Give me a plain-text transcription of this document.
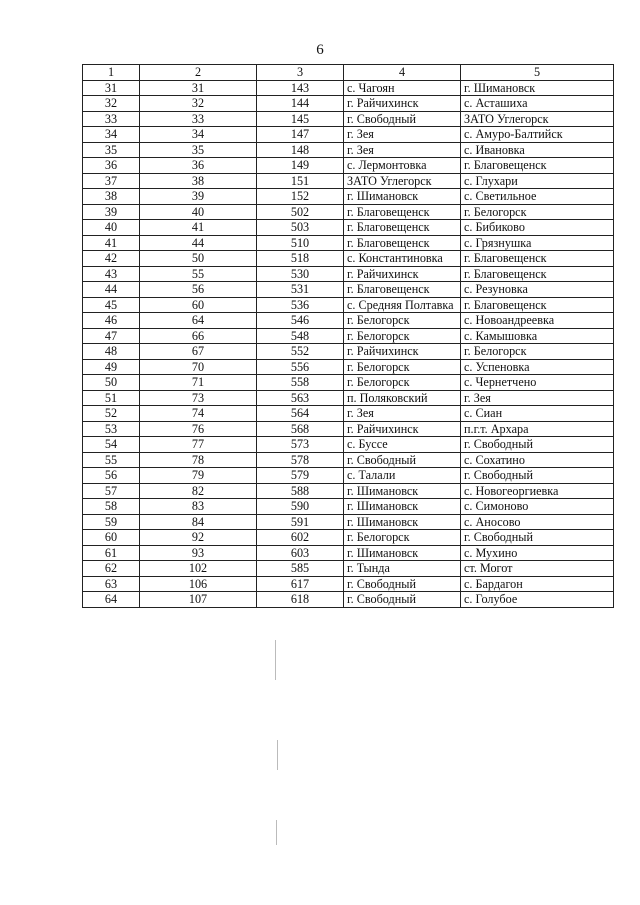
6
1	2	3	4	5
31	31	143	с. Чагоян	г. Шимановск
32	32	144	г. Райчихинск	с. Асташиха
33	33	145	г. Свободный	ЗАТО Углегорск
34	34	147	г. Зея	с. Амуро-Балтийск
35	35	148	г. Зея	с. Ивановка
36	36	149	с. Лермонтовка	г. Благовещенск
37	38	151	ЗАТО Углегорск	с. Глухари
38	39	152	г. Шимановск	с. Светильное
39	40	502	г. Благовещенск	г. Белогорск
40	41	503	г. Благовещенск	с. Бибиково
41	44	510	г. Благовещенск	с. Грязнушка
42	50	518	с. Константиновка	г. Благовещенск
43	55	530	г. Райчихинск	г. Благовещенск
44	56	531	г. Благовещенск	с. Резуновка
45	60	536	с. Средняя Полтавка	г. Благовещенск
46	64	546	г. Белогорск	с. Новоандреевка
47	66	548	г. Белогорск	с. Камышовка
48	67	552	г. Райчихинск	г. Белогорск
49	70	556	г. Белогорск	с. Успеновка
50	71	558	г. Белогорск	с. Чернетчено
51	73	563	п. Поляковский	г. Зея
52	74	564	г. Зея	с. Сиан
53	76	568	г. Райчихинск	п.г.т. Архара
54	77	573	с. Буссе	г. Свободный
55	78	578	г. Свободный	с. Сохатино
56	79	579	с. Талали	г. Свободный
57	82	588	г. Шимановск	с. Новогеоргиевка
58	83	590	г. Шимановск	с. Симоново
59	84	591	г. Шимановск	с. Аносово
60	92	602	г. Белогорск	г. Свободный
61	93	603	г. Шимановск	с. Мухино
62	102	585	г. Тында	ст. Могот
63	106	617	г. Свободный	с. Бардагон
64	107	618	г. Свободный	с. Голубое
